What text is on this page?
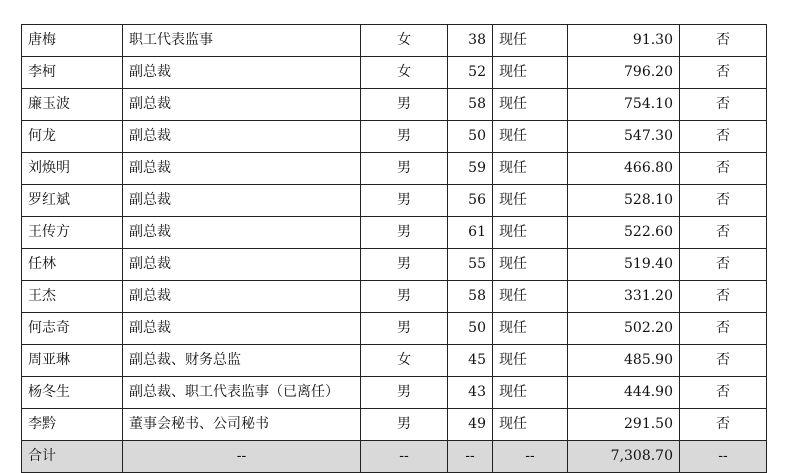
唐梅	职工代表监事	女	38	现任	91.30	否
李柯	副总裁	女	52	现任	796.20	否
廉玉波	副总裁	男	58	现任	754.10	否
何龙	副总裁	男	50	现任	547.30	否
刘焕明	副总裁	男	59	现任	466.80	否
罗红斌	副总裁	男	56	现任	528.10	否
王传方	副总裁	男	61	现任	522.60	否
任林	副总裁	男	55	现任	519.40	否
王杰	副总裁	男	58	现任	331.20	否
何志奇	副总裁	男	50	现任	502.20	否
周亚琳	副总裁、财务总监	女	45	现任	485.90	否
杨冬生	副总裁、职工代表监事（已离任）	男	43	现任	444.90	否
李黔	董事会秘书、公司秘书	男	49	现任	291.50	否
合计	--	--	--	--	7,308.70	--
